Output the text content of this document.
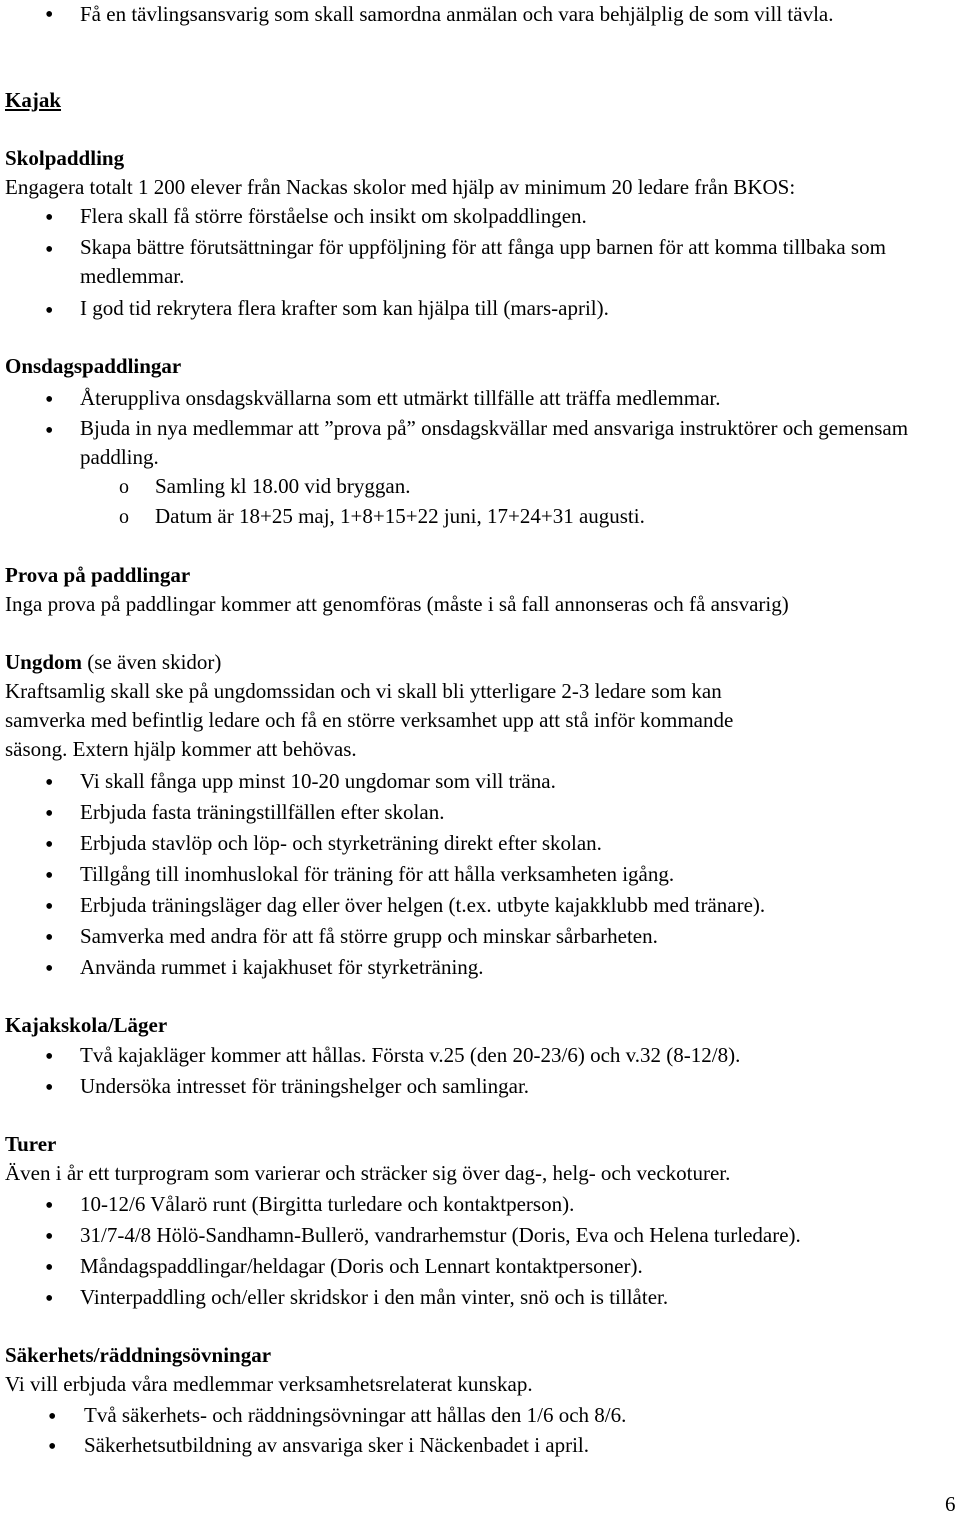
• Få en tävlingsansvarig som skall samordna anmälan och vara behjälplig de som vill tävla.
Kajak
Skolpaddling
Engagera totalt 1 200 elever från Nackas skolor med hjälp av minimum 20 ledare från BKOS:
• Flera skall få större förståelse och insikt om skolpaddlingen.
• Skapa bättre förutsättningar för uppföljning för att fånga upp barnen för att komma tillbaka som medlemmar.
• I god tid rekrytera flera krafter som kan hjälpa till (mars-april).
Onsdagspaddlingar
• Återuppliva onsdagskvällarna som ett utmärkt tillfälle att träffa medlemmar.
• Bjuda in nya medlemmar att ”prova på” onsdagskvällar med ansvariga instruktörer och gemensam paddling.
o Samling kl 18.00 vid bryggan.
o Datum är 18+25 maj, 1+8+15+22 juni, 17+24+31 augusti.
Prova på paddlingar
Inga prova på paddlingar kommer att genomföras (måste i så fall annonseras och få ansvarig)
Ungdom (se även skidor)
Kraftsamlig skall ske på ungdomssidan och vi skall bli ytterligare 2-3 ledare som kan
samverka med befintlig ledare och få en större verksamhet upp att stå inför kommande
säsong. Extern hjälp kommer att behövas.
• Vi skall fånga upp minst 10-20 ungdomar som vill träna.
• Erbjuda fasta träningstillfällen efter skolan.
• Erbjuda stavlöp och löp- och styrketräning direkt efter skolan.
• Tillgång till inomhuslokal för träning för att hålla verksamheten igång.
• Erbjuda träningsläger dag eller över helgen (t.ex. utbyte kajakklubb med tränare).
• Samverka med andra för att få större grupp och minskar sårbarheten.
• Använda rummet i kajakhuset för styrketräning.
Kajakskola/Läger
• Två kajakläger kommer att hållas. Första v.25 (den 20-23/6) och v.32 (8-12/8).
• Undersöka intresset för träningshelger och samlingar.
Turer
Även i år ett turprogram som varierar och sträcker sig över dag-, helg- och veckoturer.
• 10-12/6 Vålarö runt (Birgitta turledare och kontaktperson).
• 31/7-4/8 Hölö-Sandhamn-Bullerö, vandrarhemstur (Doris, Eva och Helena turledare).
• Måndagspaddlingar/heldagar (Doris och Lennart kontaktpersoner).
• Vinterpaddling och/eller skridskor i den mån vinter, snö och is tillåter.
Säkerhets/räddningsövningar
Vi vill erbjuda våra medlemmar verksamhetsrelaterat kunskap.
• Två säkerhets- och räddningsövningar att hållas den 1/6 och 8/6.
• Säkerhetsutbildning av ansvariga sker i Näckenbadet i april.
6
